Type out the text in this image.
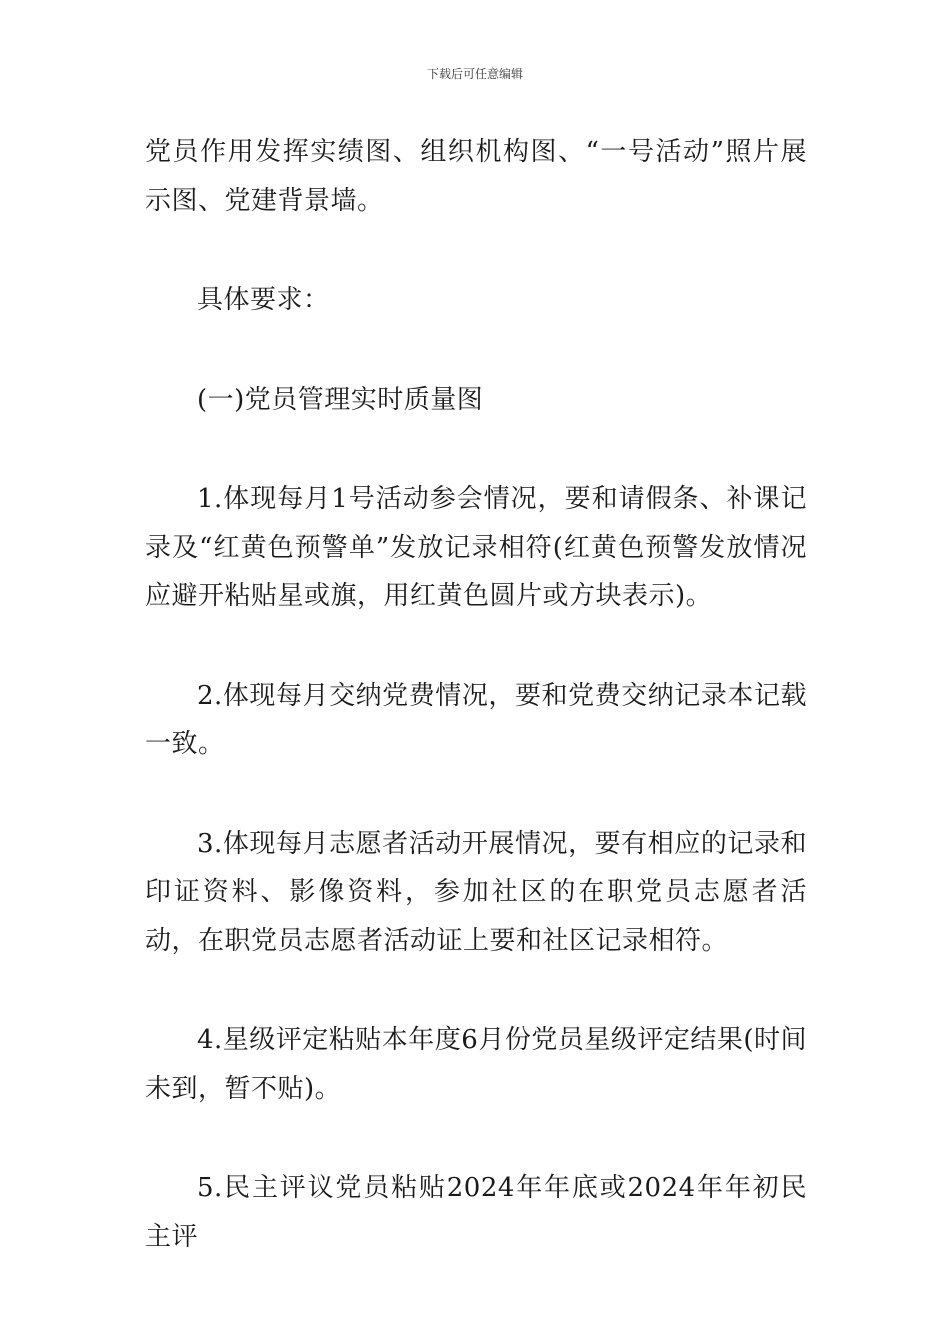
下载后可任意编辑

党员作用发挥实绩图、组织机构图、“一号活动”照片展示图、党建背景墙。

具体要求：

(一)党员管理实时质量图

1.体现每月1号活动参会情况，要和请假条、补课记录及“红黄色预警单”发放记录相符(红黄色预警发放情况应避开粘贴星或旗，用红黄色圆片或方块表示)。

2.体现每月交纳党费情况，要和党费交纳记录本记载一致。

3.体现每月志愿者活动开展情况，要有相应的记录和印证资料、影像资料，参加社区的在职党员志愿者活动，在职党员志愿者活动证上要和社区记录相符。

4.星级评定粘贴本年度6月份党员星级评定结果(时间未到，暂不贴)。

5.民主评议党员粘贴2024年年底或2024年年初民主评
